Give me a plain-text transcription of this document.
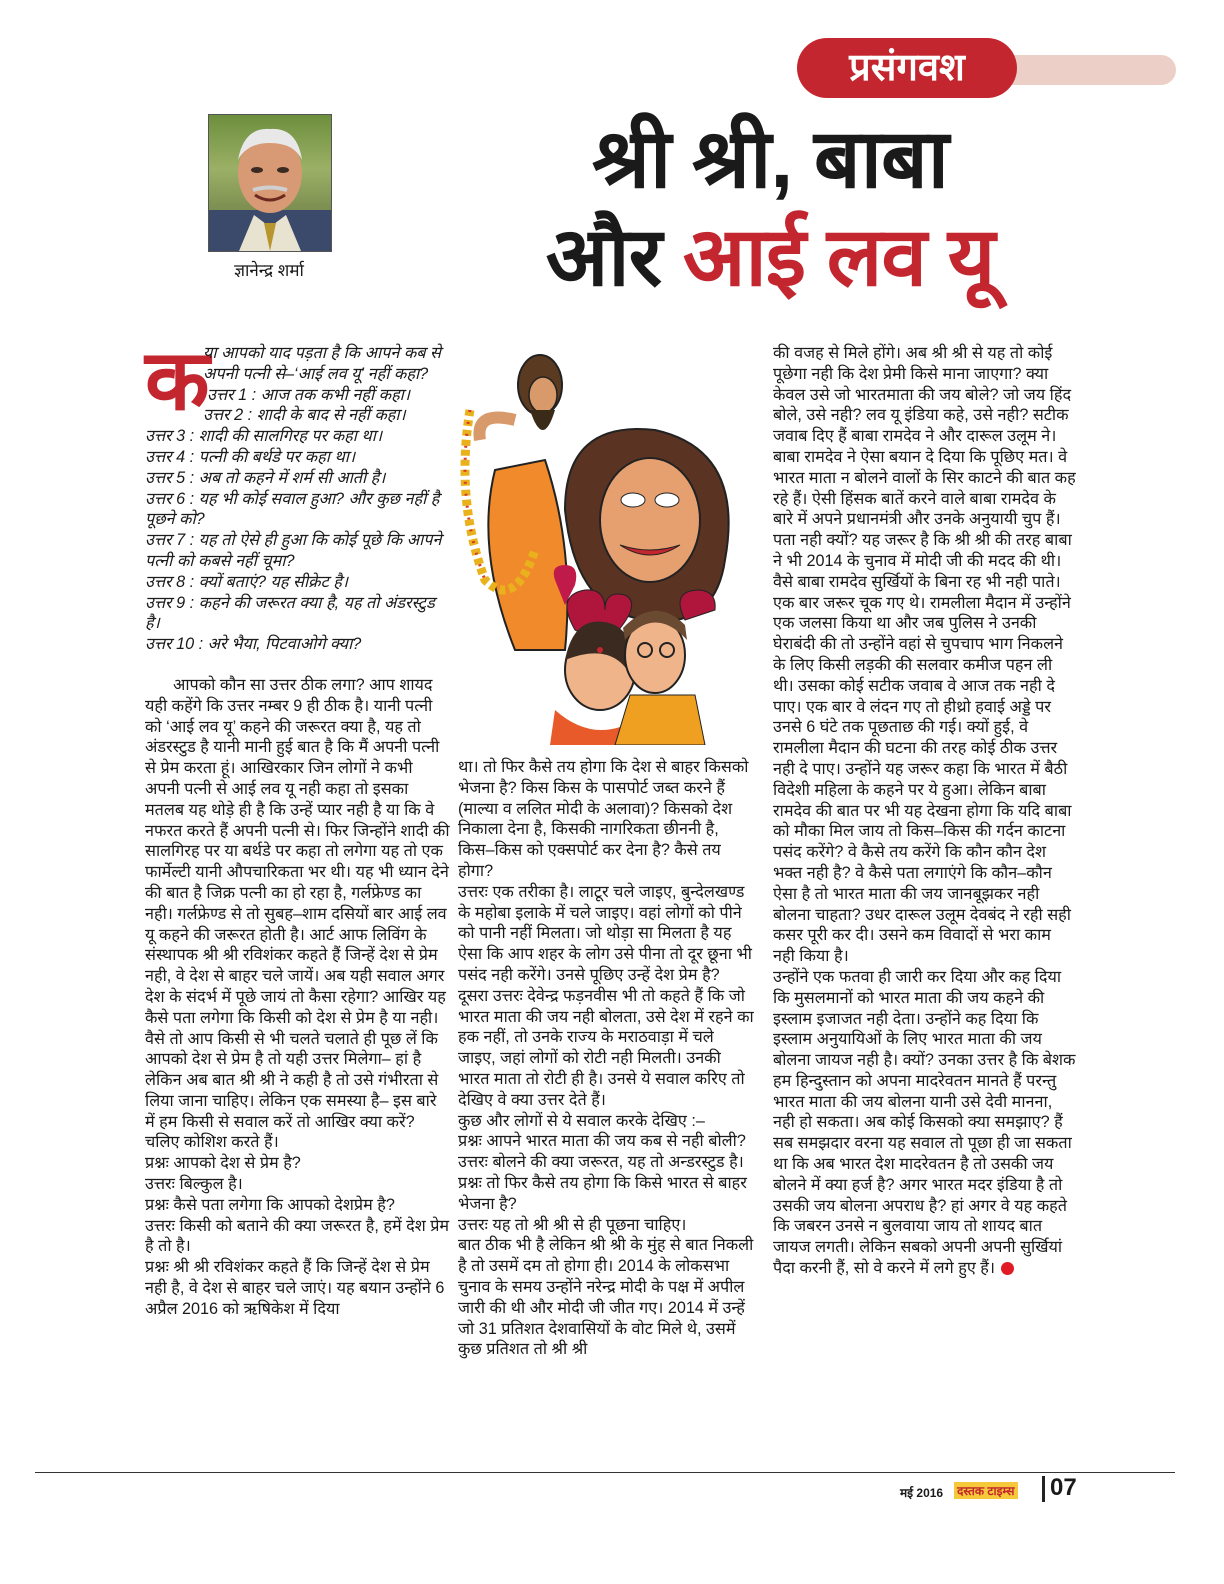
प्रसंगवश
ज्ञानेन्द्र शर्मा
श्री श्री, बाबा
और आई लव यू
क

या आपको याद पड़ता है कि आपने कब से अपनी पत्नी से–‘आई लव यू’ नहीं कहा?

उत्तर 1 : आज तक कभी नहीं कहा।

उत्तर 2 : शादी के बाद से नहीं कहा।

उत्तर 3 : शादी की सालगिरह पर कहा था।

उत्तर 4 : पत्नी की बर्थडे पर कहा था।

उत्तर 5 : अब तो कहने में शर्म सी आती है।

उत्तर 6 : यह भी कोई सवाल हुआ? और कुछ नहीं है पूछने को?

उत्तर 7 : यह तो ऐसे ही हुआ कि कोई पूछे कि आपने पत्नी को कबसे नहीं चूमा?

उत्तर 8 : क्यों बताएं? यह सीक्रेट है।

उत्तर 9 : कहने की जरूरत क्या है, यह तो अंडरस्टुड है।

उत्तर 10 : अरे भैया, पिटवाओगे क्या?

आपको कौन सा उत्तर ठीक लगा? आप शायद यही कहेंगे कि उत्तर नम्बर 9 ही ठीक है। यानी पत्नी को ‘आई लव यू’ कहने की जरूरत क्या है, यह तो अंडरस्टुड है यानी मानी हुई बात है कि मैं अपनी पत्नी से प्रेम करता हूं। आखिरकार जिन लोगों ने कभी अपनी पत्नी से आई लव यू नही कहा तो इसका मतलब यह थोड़े ही है कि उन्हें प्यार नही है या कि वे नफरत करते हैं अपनी पत्नी से। फिर जिन्होंने शादी की सालगिरह पर या बर्थडे पर कहा तो लगेगा यह तो एक फार्मेल्टी यानी औपचारिकता भर थी। यह भी ध्यान देने की बात है जिक्र पत्नी का हो रहा है, गर्लफ्रेण्ड का नही। गर्लफ्रेण्ड से तो सुबह–शाम दसियों बार आई लव यू कहने की जरूरत होती है। आर्ट आफ लिविंग के संस्थापक श्री श्री रविशंकर कहते हैं जिन्हें देश से प्रेम नही, वे देश से बाहर चले जायें। अब यही सवाल अगर देश के संदर्भ में पूछे जायं तो कैसा रहेगा? आखिर यह कैसे पता लगेगा कि किसी को देश से प्रेम है या नही। वैसे तो आप किसी से भी चलते चलाते ही पूछ लें कि आपको देश से प्रेम है तो यही उत्तर मिलेगा– हां है लेकिन अब बात श्री श्री ने कही है तो उसे गंभीरता से लिया जाना चाहिए। लेकिन एक समस्या है– इस बारे में हम किसी से सवाल करें तो आखिर क्या करें? चलिए कोशिश करते हैं।

प्रश्नः आपको देश से प्रेम है?

उत्तरः बिल्कुल है।

प्रश्नः कैसे पता लगेगा कि आपको देशप्रेम है?

उत्तरः किसी को बताने की क्या जरूरत है, हमें देश प्रेम है तो है।

प्रश्नः श्री श्री रविशंकर कहते हैं कि जिन्हें देश से प्रेम नही है, वे देश से बाहर चले जाएं। यह बयान उन्होंने 6 अप्रैल 2016 को ऋषिकेश में दिया

था। तो फिर कैसे तय होगा कि देश से बाहर किसको भेजना है? किस किस के पासपोर्ट जब्त करने हैं (माल्या व ललित मोदी के अलावा)? किसको देश निकाला देना है, किसकी नागरिकता छीननी है, किस–किस को एक्सपोर्ट कर देना है? कैसे तय होगा?

उत्तरः एक तरीका है। लाटूर चले जाइए, बुन्देलखण्ड के महोबा इलाके में चले जाइए। वहां लोगों को पीने को पानी नहीं मिलता। जो थोड़ा सा मिलता है यह ऐसा कि आप शहर के लोग उसे पीना तो दूर छूना भी पसंद नही करेंगे। उनसे पूछिए उन्हें देश प्रेम है?

दूसरा उत्तरः देवेन्द्र फड़नवीस भी तो कहते हैं कि जो भारत माता की जय नही बोलता, उसे देश में रहने का हक नहीं, तो उनके राज्य के मराठवाड़ा में चले जाइए, जहां लोगों को रोटी नही मिलती। उनकी भारत माता तो रोटी ही है। उनसे ये सवाल करिए तो देखिए वे क्या उत्तर देते हैं।

कुछ और लोगों से ये सवाल करके देखिए :–

प्रश्नः आपने भारत माता की जय कब से नही बोली?

उत्तरः बोलने की क्या जरूरत, यह तो अन्डरस्टुड है।

प्रश्नः तो फिर कैसे तय होगा कि किसे भारत से बाहर भेजना है?

उत्तरः यह तो श्री श्री से ही पूछना चाहिए।

बात ठीक भी है लेकिन श्री श्री के मुंह से बात निकली है तो उसमें दम तो होगा ही। 2014 के लोकसभा चुनाव के समय उन्होंने नरेन्द्र मोदी के पक्ष में अपील जारी की थी और मोदी जी जीत गए। 2014 में उन्हें जो 31 प्रतिशत देशवासियों के वोट मिले थे, उसमें कुछ प्रतिशत तो श्री श्री

की वजह से मिले होंगे। अब श्री श्री से यह तो कोई पूछेगा नही कि देश प्रेमी किसे माना जाएगा? क्या केवल उसे जो भारतमाता की जय बोले? जो जय हिंद बोले, उसे नही? लव यू इंडिया कहे, उसे नही? सटीक जवाब दिए हैं बाबा रामदेव ने और दारूल उलूम ने। बाबा रामदेव ने ऐसा बयान दे दिया कि पूछिए मत। वे भारत माता न बोलने वालों के सिर काटने की बात कह रहे हैं। ऐसी हिंसक बातें करने वाले बाबा रामदेव के बारे में अपने प्रधानमंत्री और उनके अनुयायी चुप हैं। पता नही क्यों? यह जरूर है कि श्री श्री की तरह बाबा ने भी 2014 के चुनाव में मोदी जी की मदद की थी। वैसे बाबा रामदेव सुर्खियों के बिना रह भी नही पाते। एक बार जरूर चूक गए थे। रामलीला मैदान में उन्होंने एक जलसा किया था और जब पुलिस ने उनकी घेराबंदी की तो उन्होंने वहां से चुपचाप भाग निकलने के लिए किसी लड़की की सलवार कमीज पहन ली थी। उसका कोई सटीक जवाब वे आज तक नही दे पाए। एक बार वे लंदन गए तो हीथ्रो हवाई अड्डे पर उनसे 6 घंटे तक पूछताछ की गई। क्यों हुई, वे रामलीला मैदान की घटना की तरह कोई ठीक उत्तर नही दे पाए। उन्होंने यह जरूर कहा कि भारत में बैठी विदेशी महिला के कहने पर ये हुआ। लेकिन बाबा रामदेव की बात पर भी यह देखना होगा कि यदि बाबा को मौका मिल जाय तो किस–किस की गर्दन काटना पसंद करेंगे? वे कैसे तय करेंगे कि कौन कौन देश भक्त नही है? वे कैसे पता लगाएंगे कि कौन–कौन ऐसा है तो भारत माता की जय जानबूझकर नही बोलना चाहता? उधर दारूल उलूम देवबंद ने रही सही कसर पूरी कर दी। उसने कम विवादों से भरा काम नही किया है।

उन्होंने एक फतवा ही जारी कर दिया और कह दिया कि मुसलमानों को भारत माता की जय कहने की इस्लाम इजाजत नही देता। उन्होंने कह दिया कि इस्लाम अनुयायिओं के लिए भारत माता की जय बोलना जायज नही है। क्यों? उनका उत्तर है कि बेशक हम हिन्दुस्तान को अपना मादरेवतन मानते हैं परन्तु भारत माता की जय बोलना यानी उसे देवी मानना, नही हो सकता। अब कोई किसको क्या समझाए? हैं सब समझदार वरना यह सवाल तो पूछा ही जा सकता था कि अब भारत देश मादरेवतन है तो उसकी जय बोलने में क्या हर्ज है? अगर भारत मदर इंडिया है तो उसकी जय बोलना अपराध है? हां अगर वे यह कहते कि जबरन उनसे न बुलवाया जाय तो शायद बात जायज लगती। लेकिन सबको अपनी अपनी सुर्खियां पैदा करनी हैं, सो वे करने में लगे हुए हैं।

मई 2016 दस्तक टाइम्स 07
